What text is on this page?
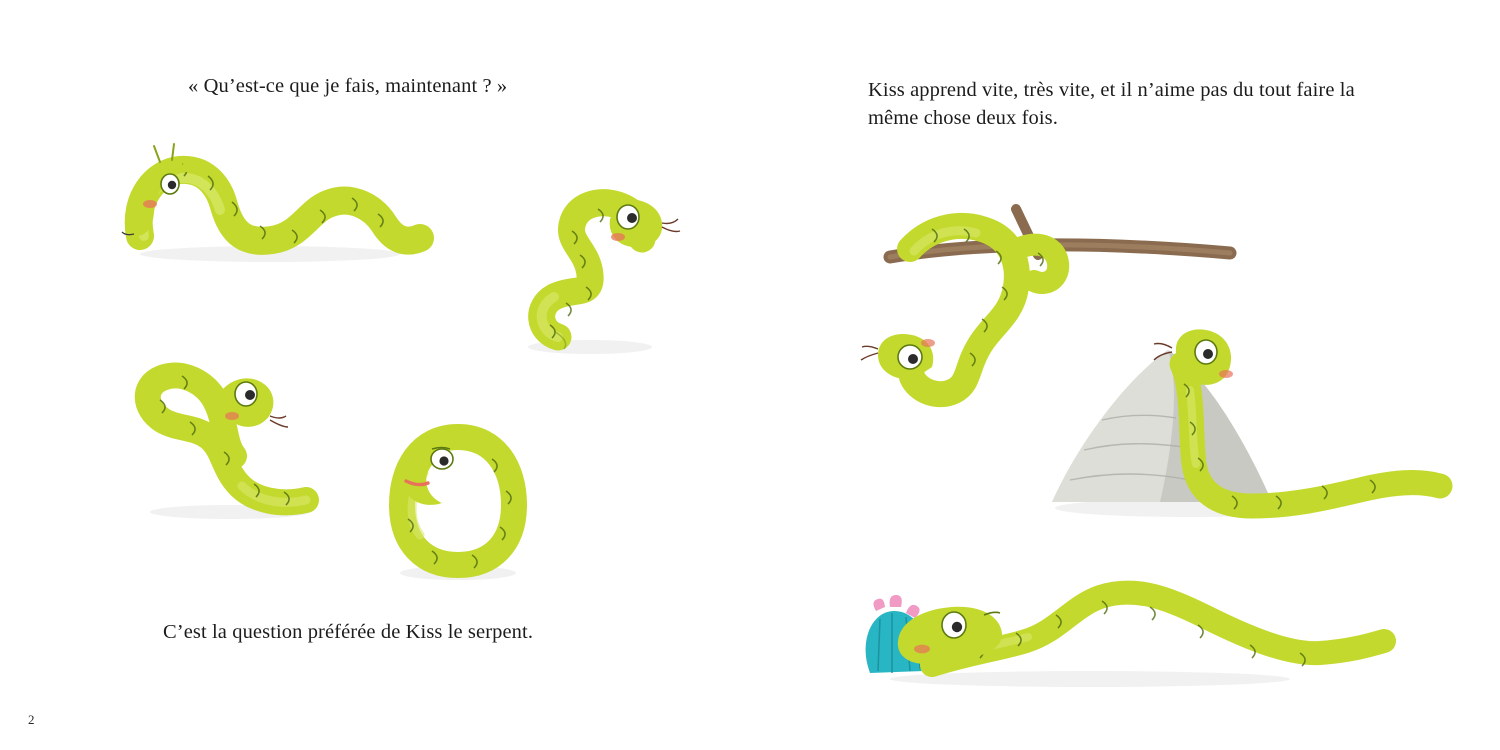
« Qu’est-ce que je fais, maintenant ? »
C’est la question préférée de Kiss le serpent.
2
Kiss apprend vite, très vite, et il n’aime pas du tout faire la même chose deux fois.
